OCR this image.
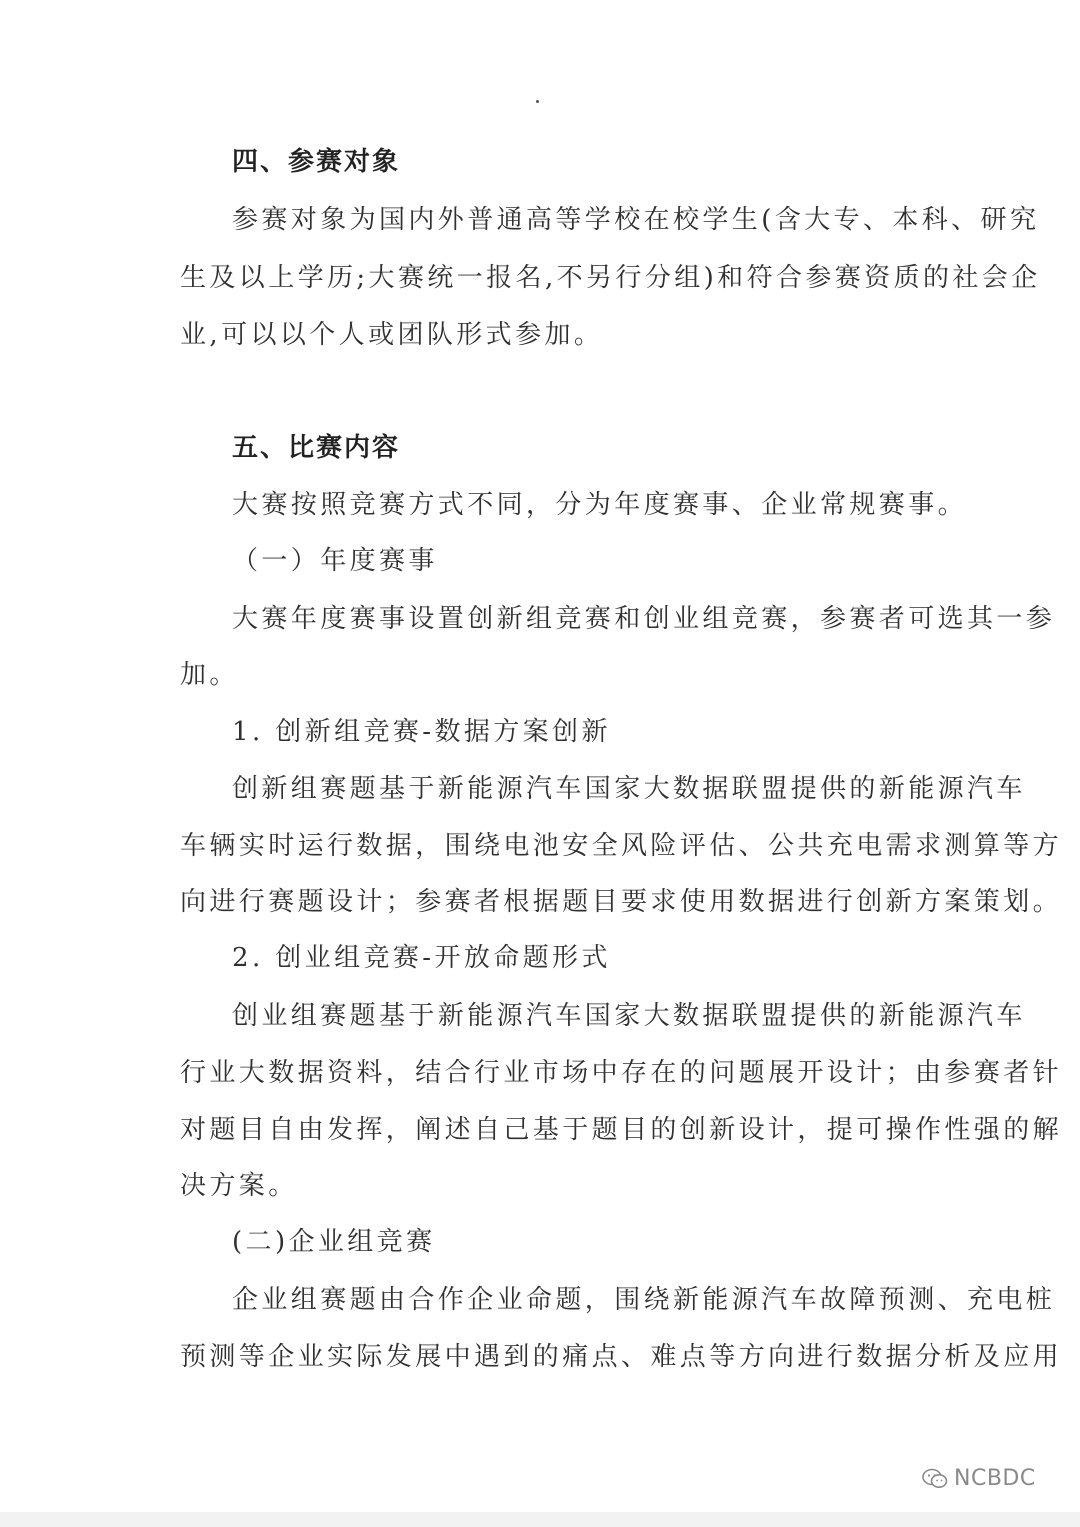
四、参赛对象
参赛对象为国内外普通高等学校在校学生(含大专、本科、研究
生及以上学历;大赛统一报名,不另行分组)和符合参赛资质的社会企
业,可以以个人或团队形式参加。
五、比赛内容
大赛按照竞赛方式不同，分为年度赛事、企业常规赛事。
（一）年度赛事
大赛年度赛事设置创新组竞赛和创业组竞赛，参赛者可选其一参
加。
1. 创新组竞赛-数据方案创新
创新组赛题基于新能源汽车国家大数据联盟提供的新能源汽车
车辆实时运行数据，围绕电池安全风险评估、公共充电需求测算等方
向进行赛题设计；参赛者根据题目要求使用数据进行创新方案策划。
2. 创业组竞赛-开放命题形式
创业组赛题基于新能源汽车国家大数据联盟提供的新能源汽车
行业大数据资料，结合行业市场中存在的问题展开设计；由参赛者针
对题目自由发挥，阐述自己基于题目的创新设计，提可操作性强的解
决方案。
(二)企业组竞赛
企业组赛题由合作企业命题，围绕新能源汽车故障预测、充电桩
预测等企业实际发展中遇到的痛点、难点等方向进行数据分析及应用
NCBDC
